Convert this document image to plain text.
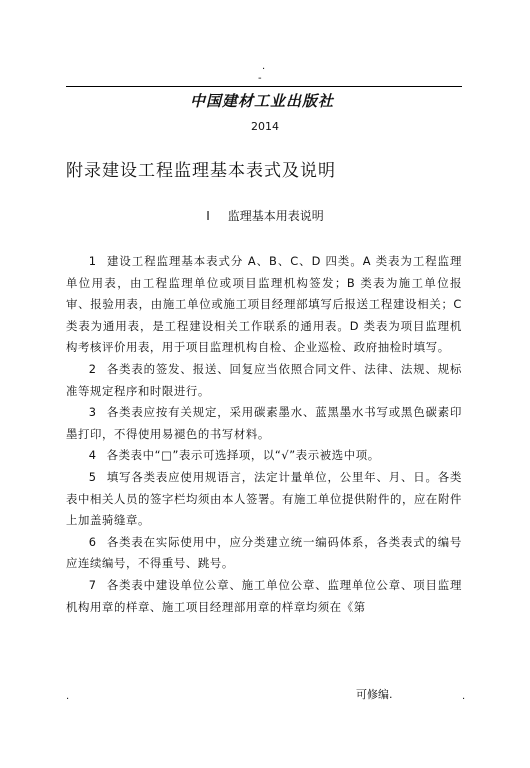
.
-
中国建材工业出版社
2014
附录建设工程监理基本表式及说明
Ⅰ 监理基本用表说明

1 建设工程监理基本表式分 A、B、C、D 四类。A 类表为工程监理单位用表，由工程监理单位或项目监理机构签发；B 类表为施工单位报审、报验用表，由施工单位或施工项目经理部填写后报送工程建设相关；C 类表为通用表，是工程建设相关工作联系的通用表。D 类表为项目监理机构考核评价用表，用于项目监理机构自检、企业巡检、政府抽检时填写。

2 各类表的签发、报送、回复应当依照合同文件、法律、法规、规标准等规定程序和时限进行。

3 各类表应按有关规定，采用碳素墨水、蓝黑墨水书写或黑色碳素印墨打印，不得使用易褪色的书写材料。

4 各类表中“□”表示可选择项，以“√”表示被选中项。

5 填写各类表应使用规语言，法定计量单位，公里年、月、日。各类表中相关人员的签字栏均须由本人签署。有施工单位提供附件的，应在附件上加盖骑缝章。

6 各类表在实际使用中，应分类建立统一编码体系，各类表式的编号应连续编号，不得重号、跳号。

7 各类表中建设单位公章、施工单位公章、监理单位公章、项目监理机构用章的样章、施工项目经理部用章的样章均须在《第

.	可修编.	.
